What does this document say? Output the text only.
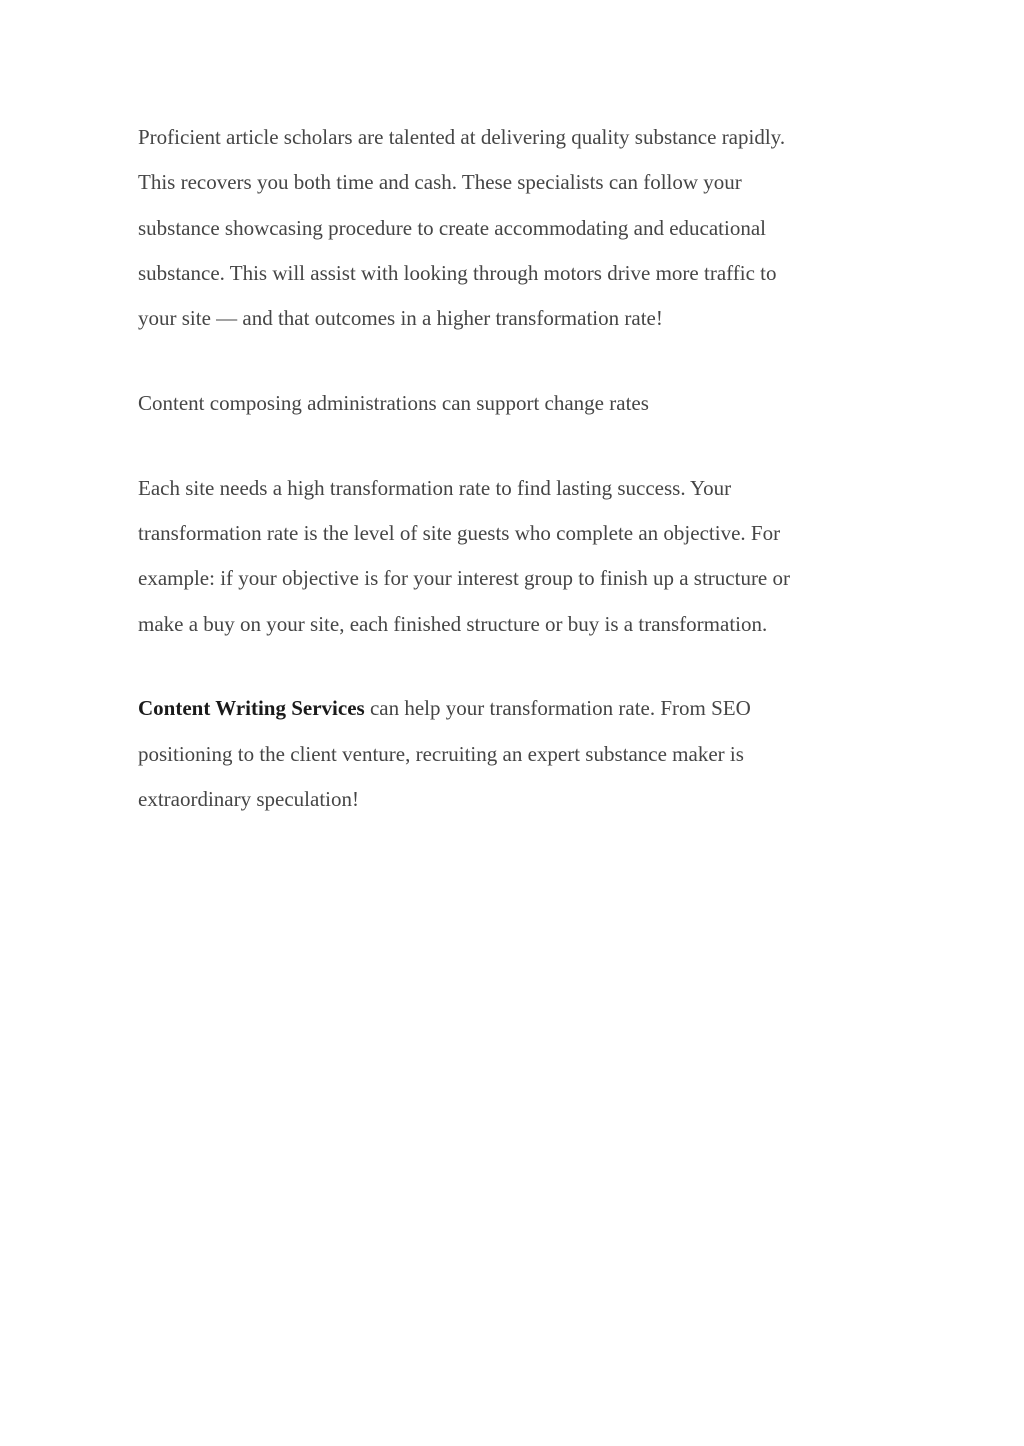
Proficient article scholars are talented at delivering quality substance rapidly.
This recovers you both time and cash. These specialists can follow your
substance showcasing procedure to create accommodating and educational
substance. This will assist with looking through motors drive more traffic to
your site — and that outcomes in a higher transformation rate!

Content composing administrations can support change rates

Each site needs a high transformation rate to find lasting success. Your
transformation rate is the level of site guests who complete an objective. For
example: if your objective is for your interest group to finish up a structure or
make a buy on your site, each finished structure or buy is a transformation.

Content Writing Services can help your transformation rate. From SEO
positioning to the client venture, recruiting an expert substance maker is
extraordinary speculation!
